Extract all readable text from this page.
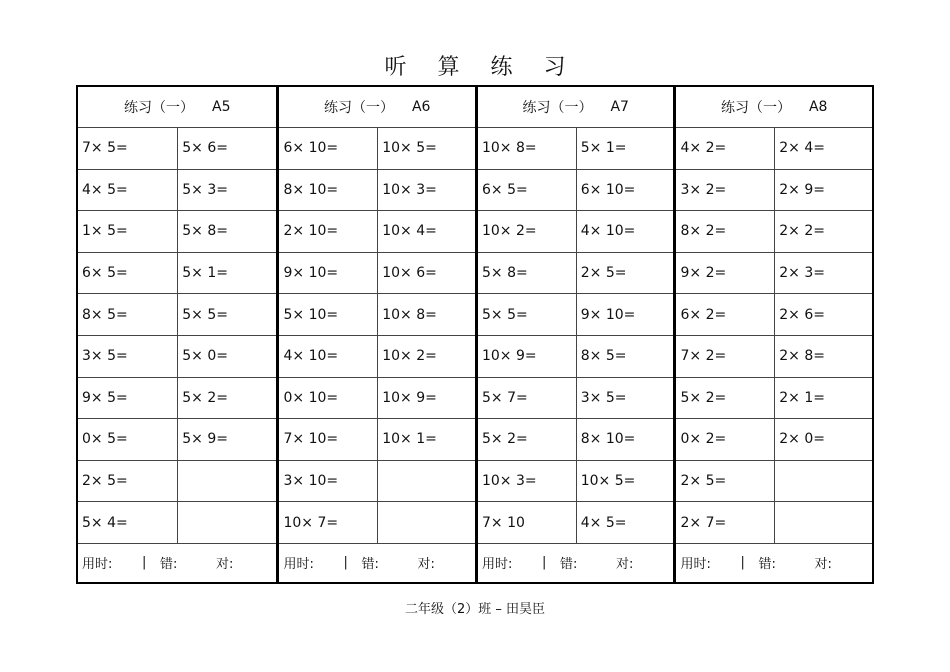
听 算 练 习
练习（一） A5
7× 5=	5× 6=
4× 5=	5× 3=
1× 5=	5× 8=
6× 5=	5× 1=
8× 5=	5× 5=
3× 5=	5× 0=
9× 5=	5× 2=
0× 5=	5× 9=
2× 5=
5× 4=
用时:	|	错:	对:
练习（一） A6
6× 10=	10× 5=
8× 10=	10× 3=
2× 10=	10× 4=
9× 10=	10× 6=
5× 10=	10× 8=
4× 10=	10× 2=
0× 10=	10× 9=
7× 10=	10× 1=
3× 10=
10× 7=
用时:	|	错:	对:
练习（一） A7
10× 8=	5× 1=
6× 5=	6× 10=
10× 2=	4× 10=
5× 8=	2× 5=
5× 5=	9× 10=
10× 9=	8× 5=
5× 7=	3× 5=
5× 2=	8× 10=
10× 3=	10× 5=
7× 10	4× 5=
用时:	|	错:	对:
练习（一） A8
4× 2=	2× 4=
3× 2=	2× 9=
8× 2=	2× 2=
9× 2=	2× 3=
6× 2=	2× 6=
7× 2=	2× 8=
5× 2=	2× 1=
0× 2=	2× 0=
2× 5=
2× 7=
用时:	|	错:	对:
二年级（2）班 – 田昊臣
